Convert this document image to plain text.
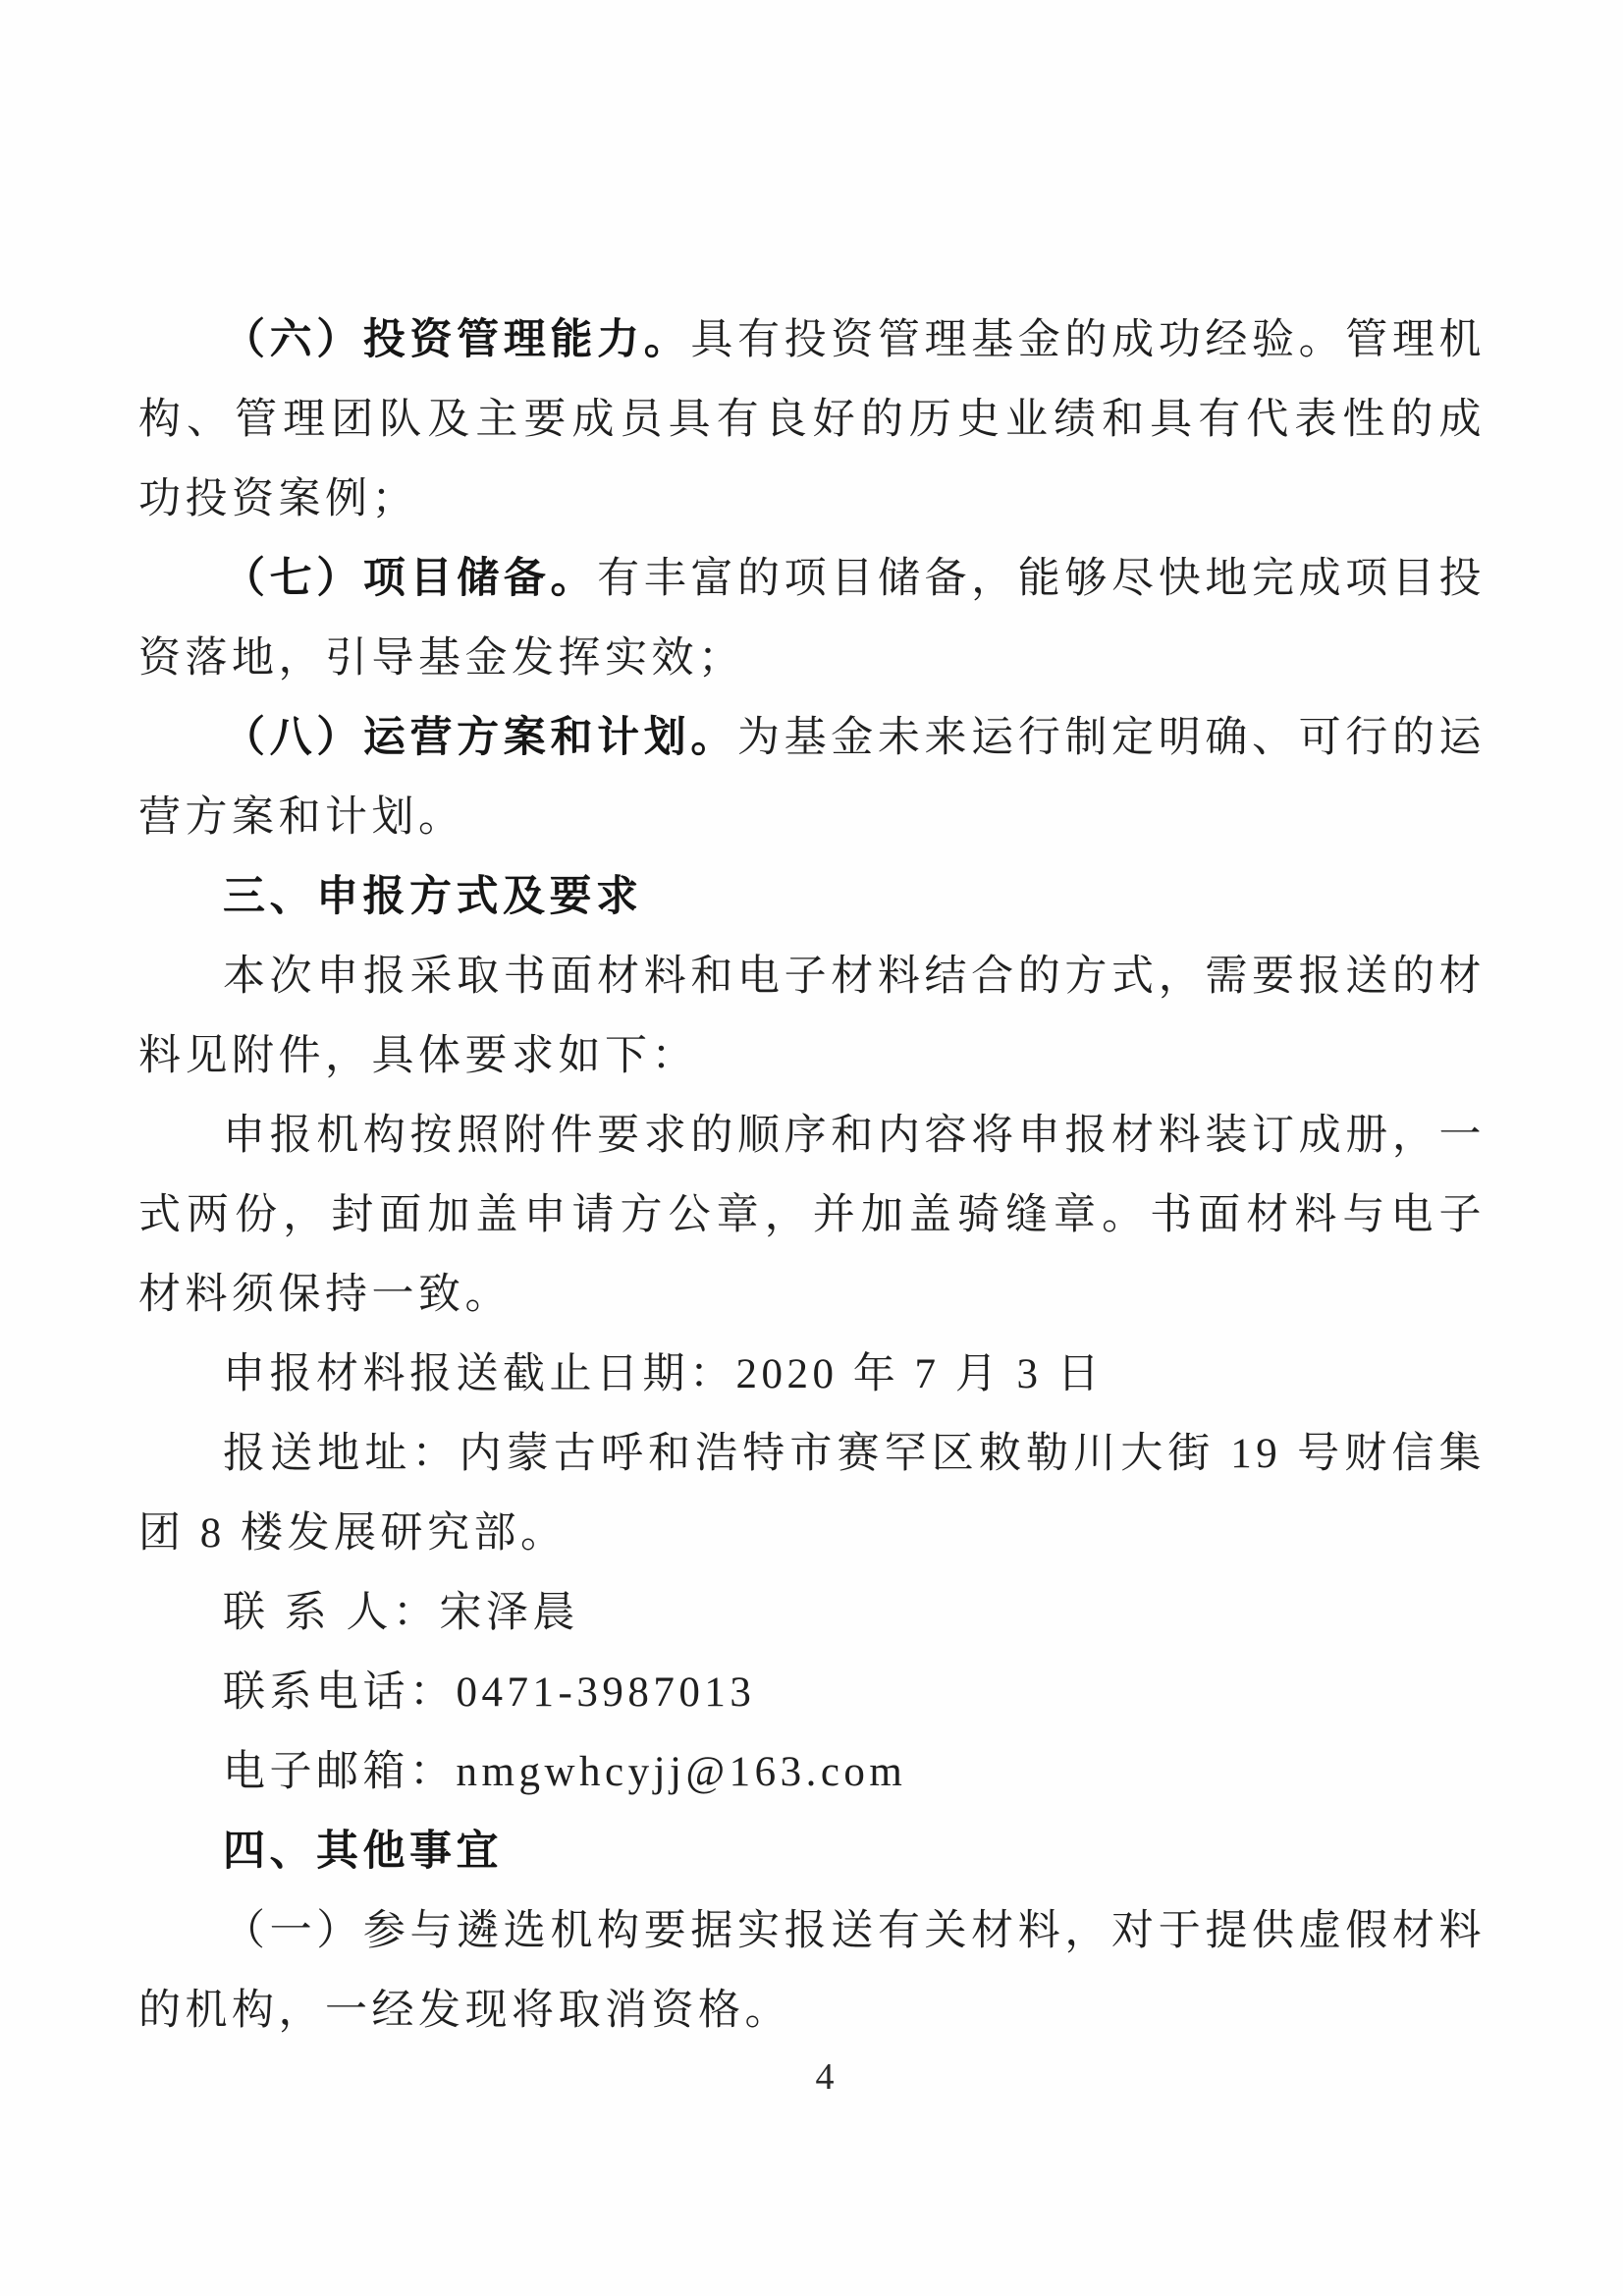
（六）投资管理能力。具有投资管理基金的成功经验。管理机构、管理团队及主要成员具有良好的历史业绩和具有代表性的成功投资案例；

（七）项目储备。有丰富的项目储备，能够尽快地完成项目投资落地，引导基金发挥实效；

（八）运营方案和计划。为基金未来运行制定明确、可行的运营方案和计划。

三、申报方式及要求

本次申报采取书面材料和电子材料结合的方式，需要报送的材料见附件，具体要求如下：

申报机构按照附件要求的顺序和内容将申报材料装订成册，一式两份，封面加盖申请方公章，并加盖骑缝章。书面材料与电子材料须保持一致。

申报材料报送截止日期：2020 年 7 月 3 日

报送地址：内蒙古呼和浩特市赛罕区敕勒川大街 19 号财信集团 8 楼发展研究部。

联 系 人：宋泽晨

联系电话：0471-3987013

电子邮箱：nmgwhcyjj@163.com

四、其他事宜

（一）参与遴选机构要据实报送有关材料，对于提供虚假材料的机构，一经发现将取消资格。

4
